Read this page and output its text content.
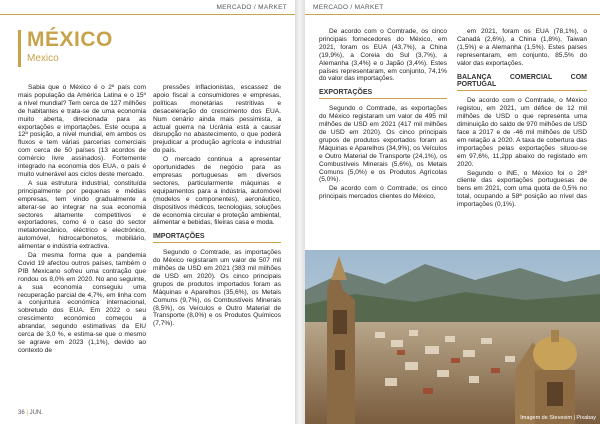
MERCADO / MARKET
MÉXICO
Mexico

Sabia que o México é o 2º país com mais população da América Latina e o 15º a nível mundial? Tem cerca de 127 milhões de habitantes e trata-se de uma economia muito aberta, direcionada para as exportações e importações. Este ocupa a 12ª posição, a nível mundial, em ambos os fluxos e tem várias parcerias comerciais com cerca de 50 países (13 acordos de comércio livre assinados). Fortemente integrado na economia dos EUA, o país é muito vulnerável aos ciclos deste mercado.

A sua estrutura industrial, constituída principalmente por pequenas e médias empresas, tem vindo gradualmente a alterar-se ao integrar na sua economia sectores altamente competitivos e exportadores, como é o caso do sector metalomecânico, eléctrico e electrónico, automóvel, hidrocarbonetos, mobiliário, alimentar e indústria extractiva.

Da mesma forma que a pandemia Covid 19 afectou outros países, também o PIB Mexicano sofreu uma contração que rondou os 8,0% em 2020. No ano seguinte, a sua economia conseguiu uma recuperação parcial de 4,7%, em linha com a conjuntura económica internacional, sobretudo dos EUA. Em 2022 o seu crescimento económico começou a abrandar, segundo estimativas da EIU cerca de 3,0 %, e estima-se que o mesmo se agrave em 2023 (1,1%), devido ao contexto de

pressões inflacionistas, escassez de apoio fiscal a consumidores e empresas, políticas monetárias restritivas e desaceleração do crescimento dos EUA. Num cenário ainda mais pessimista, a actual guerra na Ucrânia está a causar disrupção no abastecimento, o que poderá prejudicar a produção agrícola e industrial do país.

O mercado continua a apresentar oportunidades de negócio para as empresas portuguesas em diversos sectores, particularmente máquinas e equipamentos para a indústria, automóvel (modelos e componentes), aeronáutico, dispositivos médicos, tecnologias, soluções de economia circular e proteção ambiental, alimentar e bebidas, fileiras casa e moda.

IMPORTAÇÕES

Segundo o Comtrade, as importações do México registaram um valor de 507 mil milhões de USD em 2021 (383 mil milhões de USD em 2020). Os cinco principais grupos de produtos importados foram as Máquinas e Aparelhos (35,6%), os Metais Comuns (9,7%), os Combustíveis Minerais (8,5%), os Veículos e Outro Material de Transporte (8,0%) e os Produtos Químicos (7,7%).

36 | JUN.
MERCADO / MARKET

De acordo com o Comtrade, os cinco principais fornecedores do México, em 2021, foram os EUA (43,7%), a China (19,9%), a Coreia do Sul (3,7%), a Alemanha (3,4%) e o Japão (3,4%). Estes países representaram, em conjunto, 74,1% do valor das importações.

EXPORTAÇÕES

Segundo o Comtrade, as exportações do México registaram um valor de 495 mil milhões de USD em 2021 (417 mil milhões de USD em 2020). Os cinco principais grupos de produtos exportados foram as Máquinas e Aparelhos (34,9%), os Veículos e Outro Material de Transporte (24,1%), os Combustíveis Minerais (5,6%), os Metais Comuns (5,0%) e os Produtos Agrícolas (5,0%).

De acordo com o Comtrade, os cinco principais mercados clientes do México,

em 2021, foram os EUA (78,1%), o Canadá (2,6%), a China (1,8%), Taiwan (1,5%) e a Alemanha (1,5%). Estes países representaram, em conjunto, 85,5% do valor das exportações.

BALANÇA COMERCIAL COM PORTUGAL

De acordo com o Comtrade, o México registou, em 2021, um défice de 12 mil milhões de USD o que representa uma diminuição do saldo de 970 milhões de USD face a 2017 e de -46 mil milhões de USD em relação a 2020. A taxa de cobertura das importações pelas exportações situou-se em 97,6%, 11,2pp abaixo do registado em 2020.

Segundo o INE, o México foi o 28º cliente das exportações portuguesas de bens em 2021, com uma quota de 0,5% no total, ocupando a 58ª posição ao nível das importações (0,1%).

Imagem de Stevesim | Pixabay
